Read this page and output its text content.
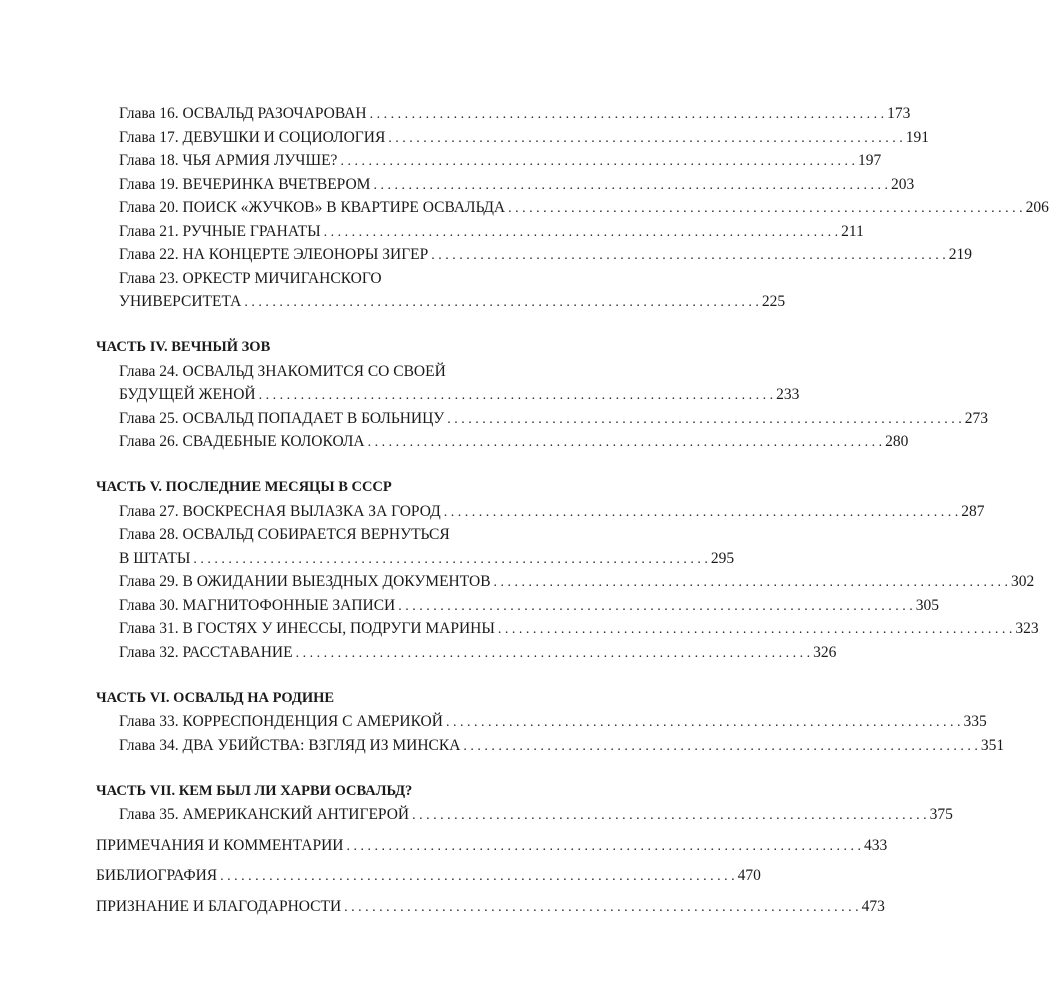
Глава 16. ОСВАЛЬД РАЗОЧАРОВАН . . .	173
Глава 17. ДЕВУШКИ И СОЦИОЛОГИЯ . . .	191
Глава 18. ЧЬЯ АРМИЯ ЛУЧШЕ? . . .	197
Глава 19. ВЕЧЕРИНКА ВЧЕТВЕРОМ . . .	203
Глава 20. ПОИСК «ЖУЧКОВ» В КВАРТИРЕ ОСВАЛЬДА . . .	206
Глава 21. РУЧНЫЕ ГРАНАТЫ . . .	211
Глава 22. НА КОНЦЕРТЕ ЭЛЕОНОРЫ ЗИГЕР . . .	219
Глава 23. ОРКЕСТР МИЧИГАНСКОГО
УНИВЕРСИТЕТА . . .	225
ЧАСТЬ IV. ВЕЧНЫЙ ЗОВ
Глава 24. ОСВАЛЬД ЗНАКОМИТСЯ СО СВОЕЙ
БУДУЩЕЙ ЖЕНОЙ . . .	233
Глава 25. ОСВАЛЬД ПОПАДАЕТ В БОЛЬНИЦУ . . .	273
Глава 26. СВАДЕБНЫЕ КОЛОКОЛА . . .	280
ЧАСТЬ V. ПОСЛЕДНИЕ МЕСЯЦЫ В СССР
Глава 27. ВОСКРЕСНАЯ ВЫЛАЗКА ЗА ГОРОД . . .	287
Глава 28. ОСВАЛЬД СОБИРАЕТСЯ ВЕРНУТЬСЯ
В ШТАТЫ . . .	295
Глава 29. В ОЖИДАНИИ ВЫЕЗДНЫХ ДОКУМЕНТОВ . . .	302
Глава 30. МАГНИТОФОННЫЕ ЗАПИСИ . . .	305
Глава 31. В ГОСТЯХ У ИНЕССЫ, ПОДРУГИ МАРИНЫ . . .	323
Глава 32. РАССТАВАНИЕ . . .	326
ЧАСТЬ VI. ОСВАЛЬД НА РОДИНЕ
Глава 33. КОРРЕСПОНДЕНЦИЯ С АМЕРИКОЙ . . .	335
Глава 34. ДВА УБИЙСТВА: ВЗГЛЯД ИЗ МИНСКА . . .	351
ЧАСТЬ VII. КЕМ БЫЛ ЛИ ХАРВИ ОСВАЛЬД?
Глава 35. АМЕРИКАНСКИЙ АНТИГЕРОЙ . . .	375
ПРИМЕЧАНИЯ И КОММЕНТАРИИ . . .	433
БИБЛИОГРАФИЯ . . .	470
ПРИЗНАНИЕ И БЛАГОДАРНОСТИ . . .	473
